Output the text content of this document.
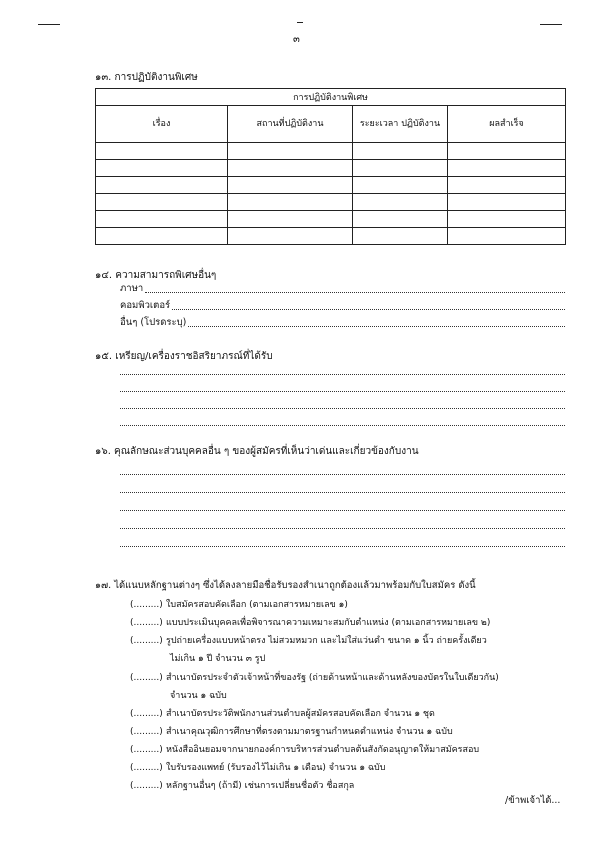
๓
๑๓. การปฏิบัติงานพิเศษ
การปฏิบัติงานพิเศษ			
เรื่อง	สถานที่ปฏิบัติงาน	ระยะเวลา ปฏิบัติงาน	ผลสำเร็จ

๑๔. ความสามารถพิเศษอื่นๆ
ภาษา
คอมพิวเตอร์
อื่นๆ (โปรดระบุ)
๑๕. เหรียญ/เครื่องราชอิสริยาภรณ์ที่ได้รับ
๑๖. คุณลักษณะส่วนบุคคลอื่น ๆ ของผู้สมัครที่เห็นว่าเด่นและเกี่ยวข้องกับงาน
๑๗. ได้แนบหลักฐานต่างๆ ซึ่งได้ลงลายมือชื่อรับรองสำเนาถูกต้องแล้วมาพร้อมกับใบสมัคร ดังนี้
(.........) ใบสมัครสอบคัดเลือก (ตามเอกสารหมายเลข ๑)
(.........) แบบประเมินบุคคลเพื่อพิจารณาความเหมาะสมกับตำแหน่ง (ตามเอกสารหมายเลข ๒)
(.........) รูปถ่ายเครื่องแบบหน้าตรง ไม่สวมหมวก และไม่ใส่แว่นตำ ขนาด ๑ นิ้ว ถ่ายครั้งเดียว
ไม่เกิน ๑ ปี จำนวน ๓ รูป
(.........) สำเนาบัตรประจำตัวเจ้าหน้าที่ของรัฐ (ถ่ายด้านหน้าและด้านหลังของบัตรในใบเดียวกัน)
จำนวน ๑ ฉบับ
(.........) สำเนาบัตรประวัติพนักงานส่วนตำบลผู้สมัครสอบคัดเลือก จำนวน ๑ ชุด
(.........) สำเนาคุณวุฒิการศึกษาที่ตรงตามมาตรฐานกำหนดตำแหน่ง จำนวน ๑ ฉบับ
(.........) หนังสืออินยอมจากนายกองค์การบริหารส่วนตำบลต้นสังกัดอนุญาตให้มาสมัครสอบ
(.........) ใบรับรองแพทย์ (รับรองไว้ไม่เกิน ๑ เดือน) จำนวน ๑ ฉบับ
(.........) หลักฐานอื่นๆ (ถ้ามี) เช่นการเปลี่ยนชื่อตัว ชื่อสกุล
/ข้าพเจ้าได้...
